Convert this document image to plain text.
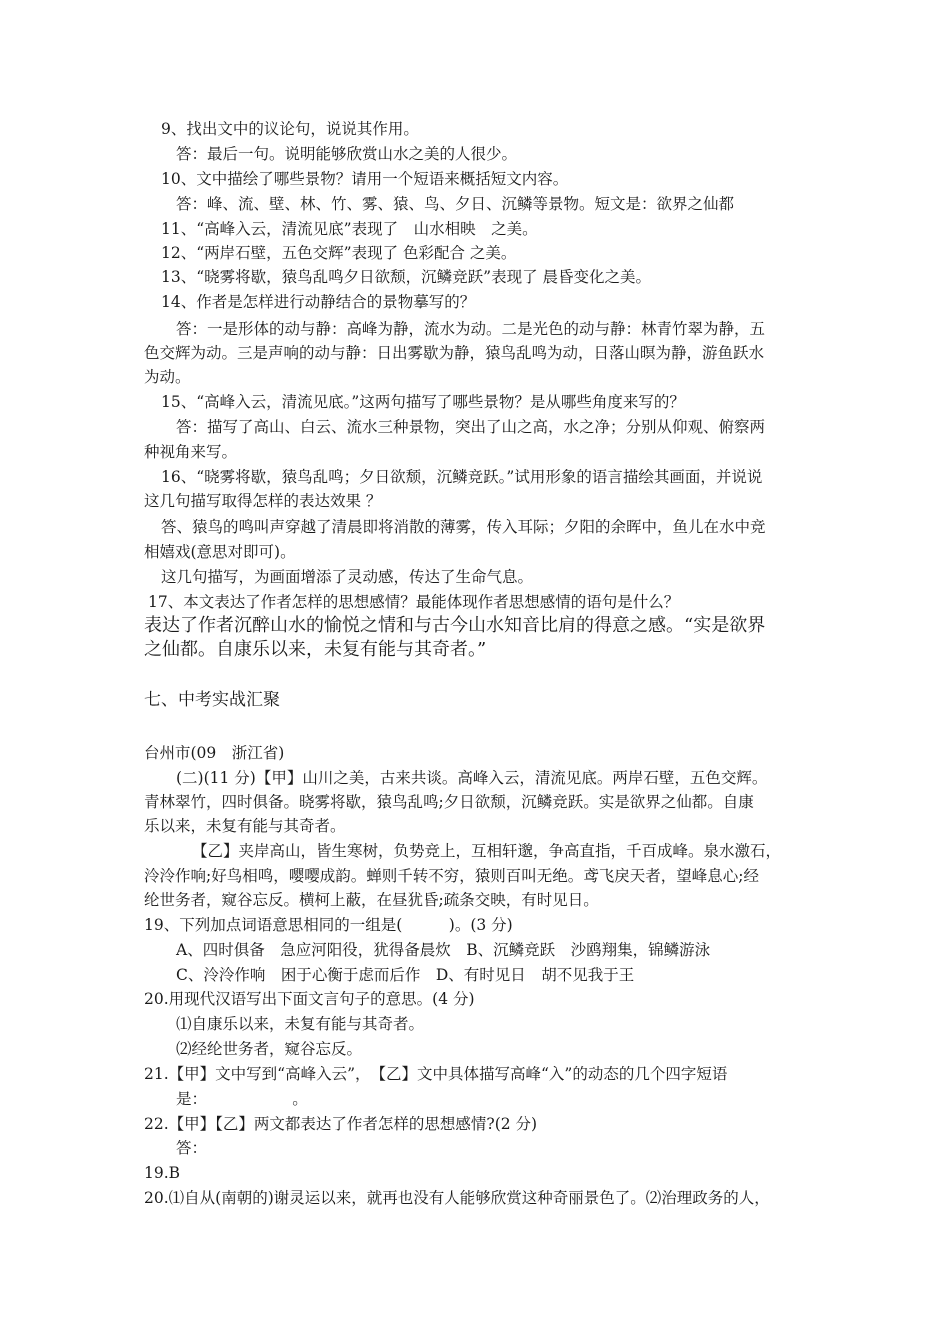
9、找出文中的议论句，说说其作用。

答：最后一句。说明能够欣赏山水之美的人很少。

10、文中描绘了哪些景物？请用一个短语来概括短文内容。

答：峰、流、壁、林、竹、雾、猿、鸟、夕日、沉鳞等景物。短文是：欲界之仙都

11、“高峰入云，清流见底”表现了　山水相映　之美。

12、“两岸石壁，五色交辉”表现了 色彩配合 之美。

13、“晓雾将歇，猿鸟乱鸣夕日欲颓，沉鳞竞跃”表现了 晨昏变化之美。

14、作者是怎样进行动静结合的景物摹写的？

答：一是形体的动与静：高峰为静，流水为动。二是光色的动与静：林青竹翠为静，五

色交辉为动。三是声响的动与静：日出雾歇为静，猿鸟乱鸣为动，日落山暝为静，游鱼跃水

为动。

15、“高峰入云，清流见底。”这两句描写了哪些景物？是从哪些角度来写的？

答：描写了高山、白云、流水三种景物，突出了山之高，水之净；分别从仰观、俯察两

种视角来写。

16、“晓雾将歇，猿鸟乱鸣；夕日欲颓，沉鳞竞跃。”试用形象的语言描绘其画面，并说说

这几句描写取得怎样的表达效果 ？

答、猿鸟的鸣叫声穿越了清晨即将消散的薄雾，传入耳际；夕阳的余晖中，鱼儿在水中竞

相嬉戏(意思对即可)。

这几句描写，为画面增添了灵动感，传达了生命气息。

17、本文表达了作者怎样的思想感情？最能体现作者思想感情的语句是什么？

表达了作者沉醉山水的愉悦之情和与古今山水知音比肩的得意之感。“实是欲界

之仙都。自康乐以来，未复有能与其奇者。”

七、中考实战汇聚

台州市(09　浙江省)

(二)(11 分)【甲】山川之美，古来共谈。高峰入云，清流见底。两岸石壁，五色交辉。

青林翠竹，四时俱备。晓雾将歇，猿鸟乱鸣;夕日欲颓，沉鳞竞跃。实是欲界之仙都。自康

乐以来，未复有能与其奇者。

【乙】夹岸高山，皆生寒树，负势竞上，互相轩邈，争高直指，千百成峰。泉水激石，

泠泠作响;好鸟相鸣，嘤嘤成韵。蝉则千转不穷，猿则百叫无绝。鸢飞戾天者，望峰息心;经

纶世务者，窥谷忘反。横柯上蔽，在昼犹昏;疏条交映，有时见日。

19、下列加点词语意思相同的一组是(　　　)。(3 分)

A、四时俱备　急应河阳役，犹得备晨炊　B、沉鳞竞跃　沙鸥翔集，锦鳞游泳

C、泠泠作响　困于心衡于虑而后作　D、有时见日　胡不见我于王

20.用现代汉语写出下面文言句子的意思。(4 分)

⑴自康乐以来，未复有能与其奇者。

⑵经纶世务者，窥谷忘反。

21.【甲】文中写到“高峰入云”，　【乙】文中具体描写高峰“入”的动态的几个四字短语

是：　　　　　　。

22.【甲】【乙】两文都表达了作者怎样的思想感情?(2 分)

答：

19.B

20.⑴自从(南朝的)谢灵运以来，就再也没有人能够欣赏这种奇丽景色了。⑵治理政务的人，
